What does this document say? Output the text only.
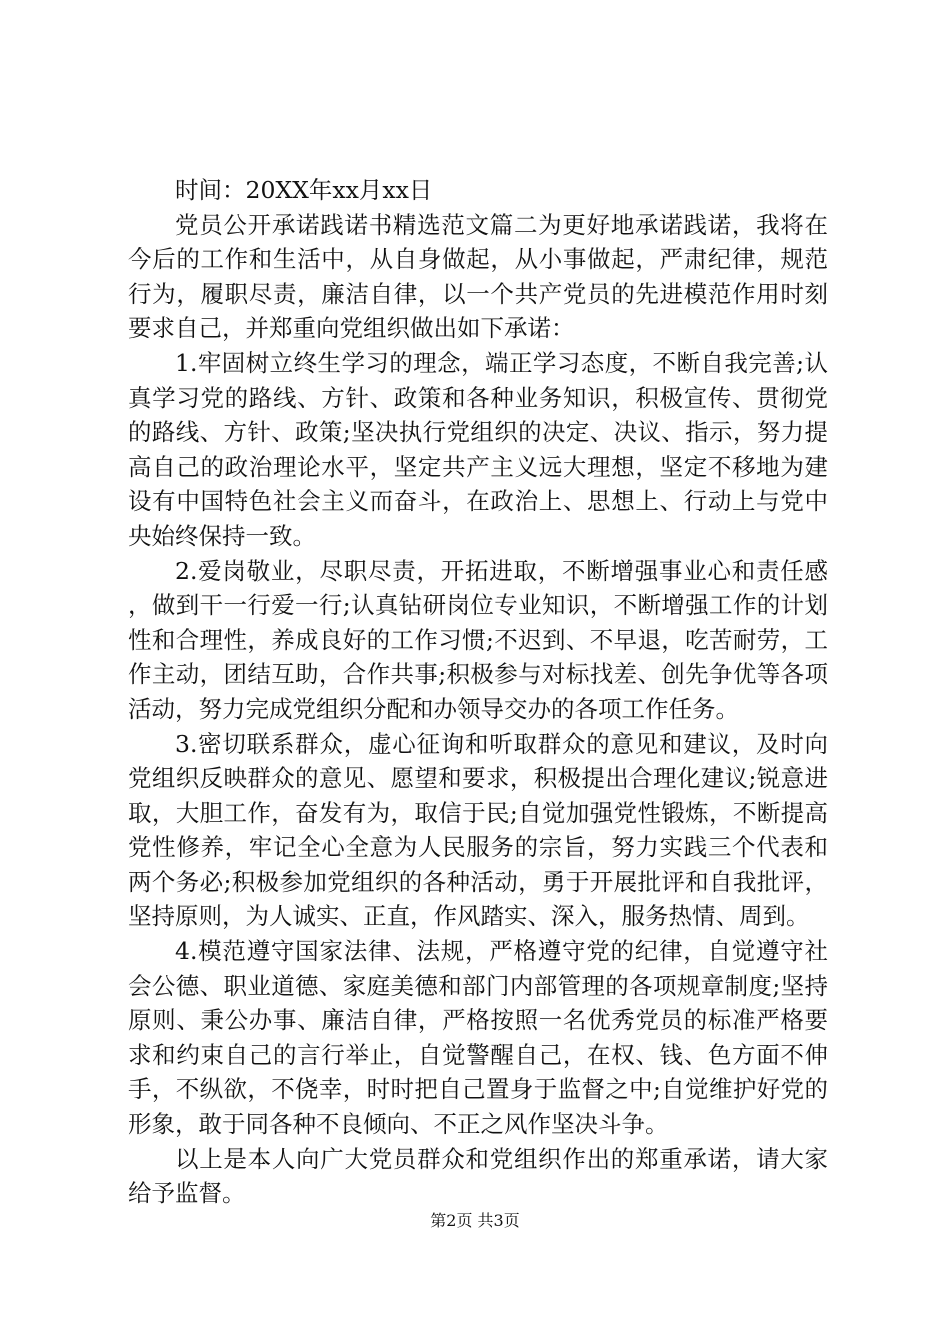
时间：20XX年xx月xx日

党员公开承诺践诺书精选范文篇二为更好地承诺践诺，我将在今后的工作和生活中，从自身做起，从小事做起，严肃纪律，规范行为，履职尽责，廉洁自律，以一个共产党员的先进模范作用时刻要求自己，并郑重向党组织做出如下承诺：

1.牢固树立终生学习的理念，端正学习态度，不断自我完善;认真学习党的路线、方针、政策和各种业务知识，积极宣传、贯彻党的路线、方针、政策;坚决执行党组织的决定、决议、指示，努力提高自己的政治理论水平，坚定共产主义远大理想，坚定不移地为建设有中国特色社会主义而奋斗，在政治上、思想上、行动上与党中央始终保持一致。

2.爱岗敬业，尽职尽责，开拓进取，不断增强事业心和责任感，做到干一行爱一行;认真钻研岗位专业知识，不断增强工作的计划性和合理性，养成良好的工作习惯;不迟到、不早退，吃苦耐劳，工作主动，团结互助，合作共事;积极参与对标找差、创先争优等各项活动，努力完成党组织分配和办领导交办的各项工作任务。

3.密切联系群众，虚心征询和听取群众的意见和建议，及时向党组织反映群众的意见、愿望和要求，积极提出合理化建议;锐意进取，大胆工作，奋发有为，取信于民;自觉加强党性锻炼，不断提高党性修养，牢记全心全意为人民服务的宗旨，努力实践三个代表和两个务必;积极参加党组织的各种活动，勇于开展批评和自我批评，坚持原则，为人诚实、正直，作风踏实、深入，服务热情、周到。

4.模范遵守国家法律、法规，严格遵守党的纪律，自觉遵守社会公德、职业道德、家庭美德和部门内部管理的各项规章制度;坚持原则、秉公办事、廉洁自律，严格按照一名优秀党员的标准严格要求和约束自己的言行举止，自觉警醒自己，在权、钱、色方面不伸手，不纵欲，不侥幸，时时把自己置身于监督之中;自觉维护好党的形象，敢于同各种不良倾向、不正之风作坚决斗争。

以上是本人向广大党员群众和党组织作出的郑重承诺，请大家给予监督。

第2页 共3页
